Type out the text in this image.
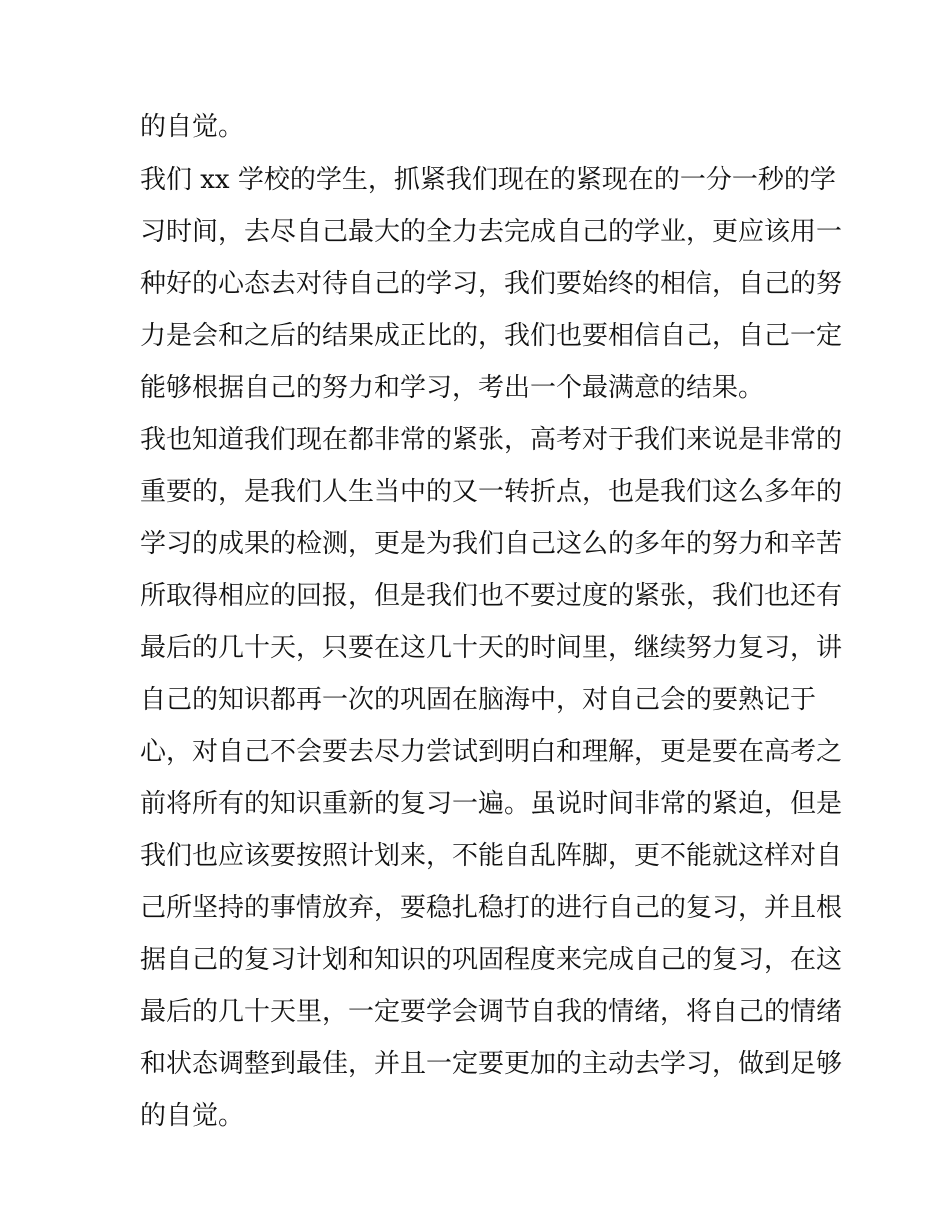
的自觉。
我们 xx 学校的学生，抓紧我们现在的紧现在的一分一秒的学
习时间，去尽自己最大的全力去完成自己的学业，更应该用一
种好的心态去对待自己的学习，我们要始终的相信，自己的努
力是会和之后的结果成正比的，我们也要相信自己，自己一定
能够根据自己的努力和学习，考出一个最满意的结果。
我也知道我们现在都非常的紧张，高考对于我们来说是非常的
重要的，是我们人生当中的又一转折点，也是我们这么多年的
学习的成果的检测，更是为我们自己这么的多年的努力和辛苦
所取得相应的回报，但是我们也不要过度的紧张，我们也还有
最后的几十天，只要在这几十天的时间里，继续努力复习，讲
自己的知识都再一次的巩固在脑海中，对自己会的要熟记于
心，对自己不会要去尽力尝试到明白和理解，更是要在高考之
前将所有的知识重新的复习一遍。虽说时间非常的紧迫，但是
我们也应该要按照计划来，不能自乱阵脚，更不能就这样对自
己所坚持的事情放弃，要稳扎稳打的进行自己的复习，并且根
据自己的复习计划和知识的巩固程度来完成自己的复习，在这
最后的几十天里，一定要学会调节自我的情绪，将自己的情绪
和状态调整到最佳，并且一定要更加的主动去学习，做到足够
的自觉。
